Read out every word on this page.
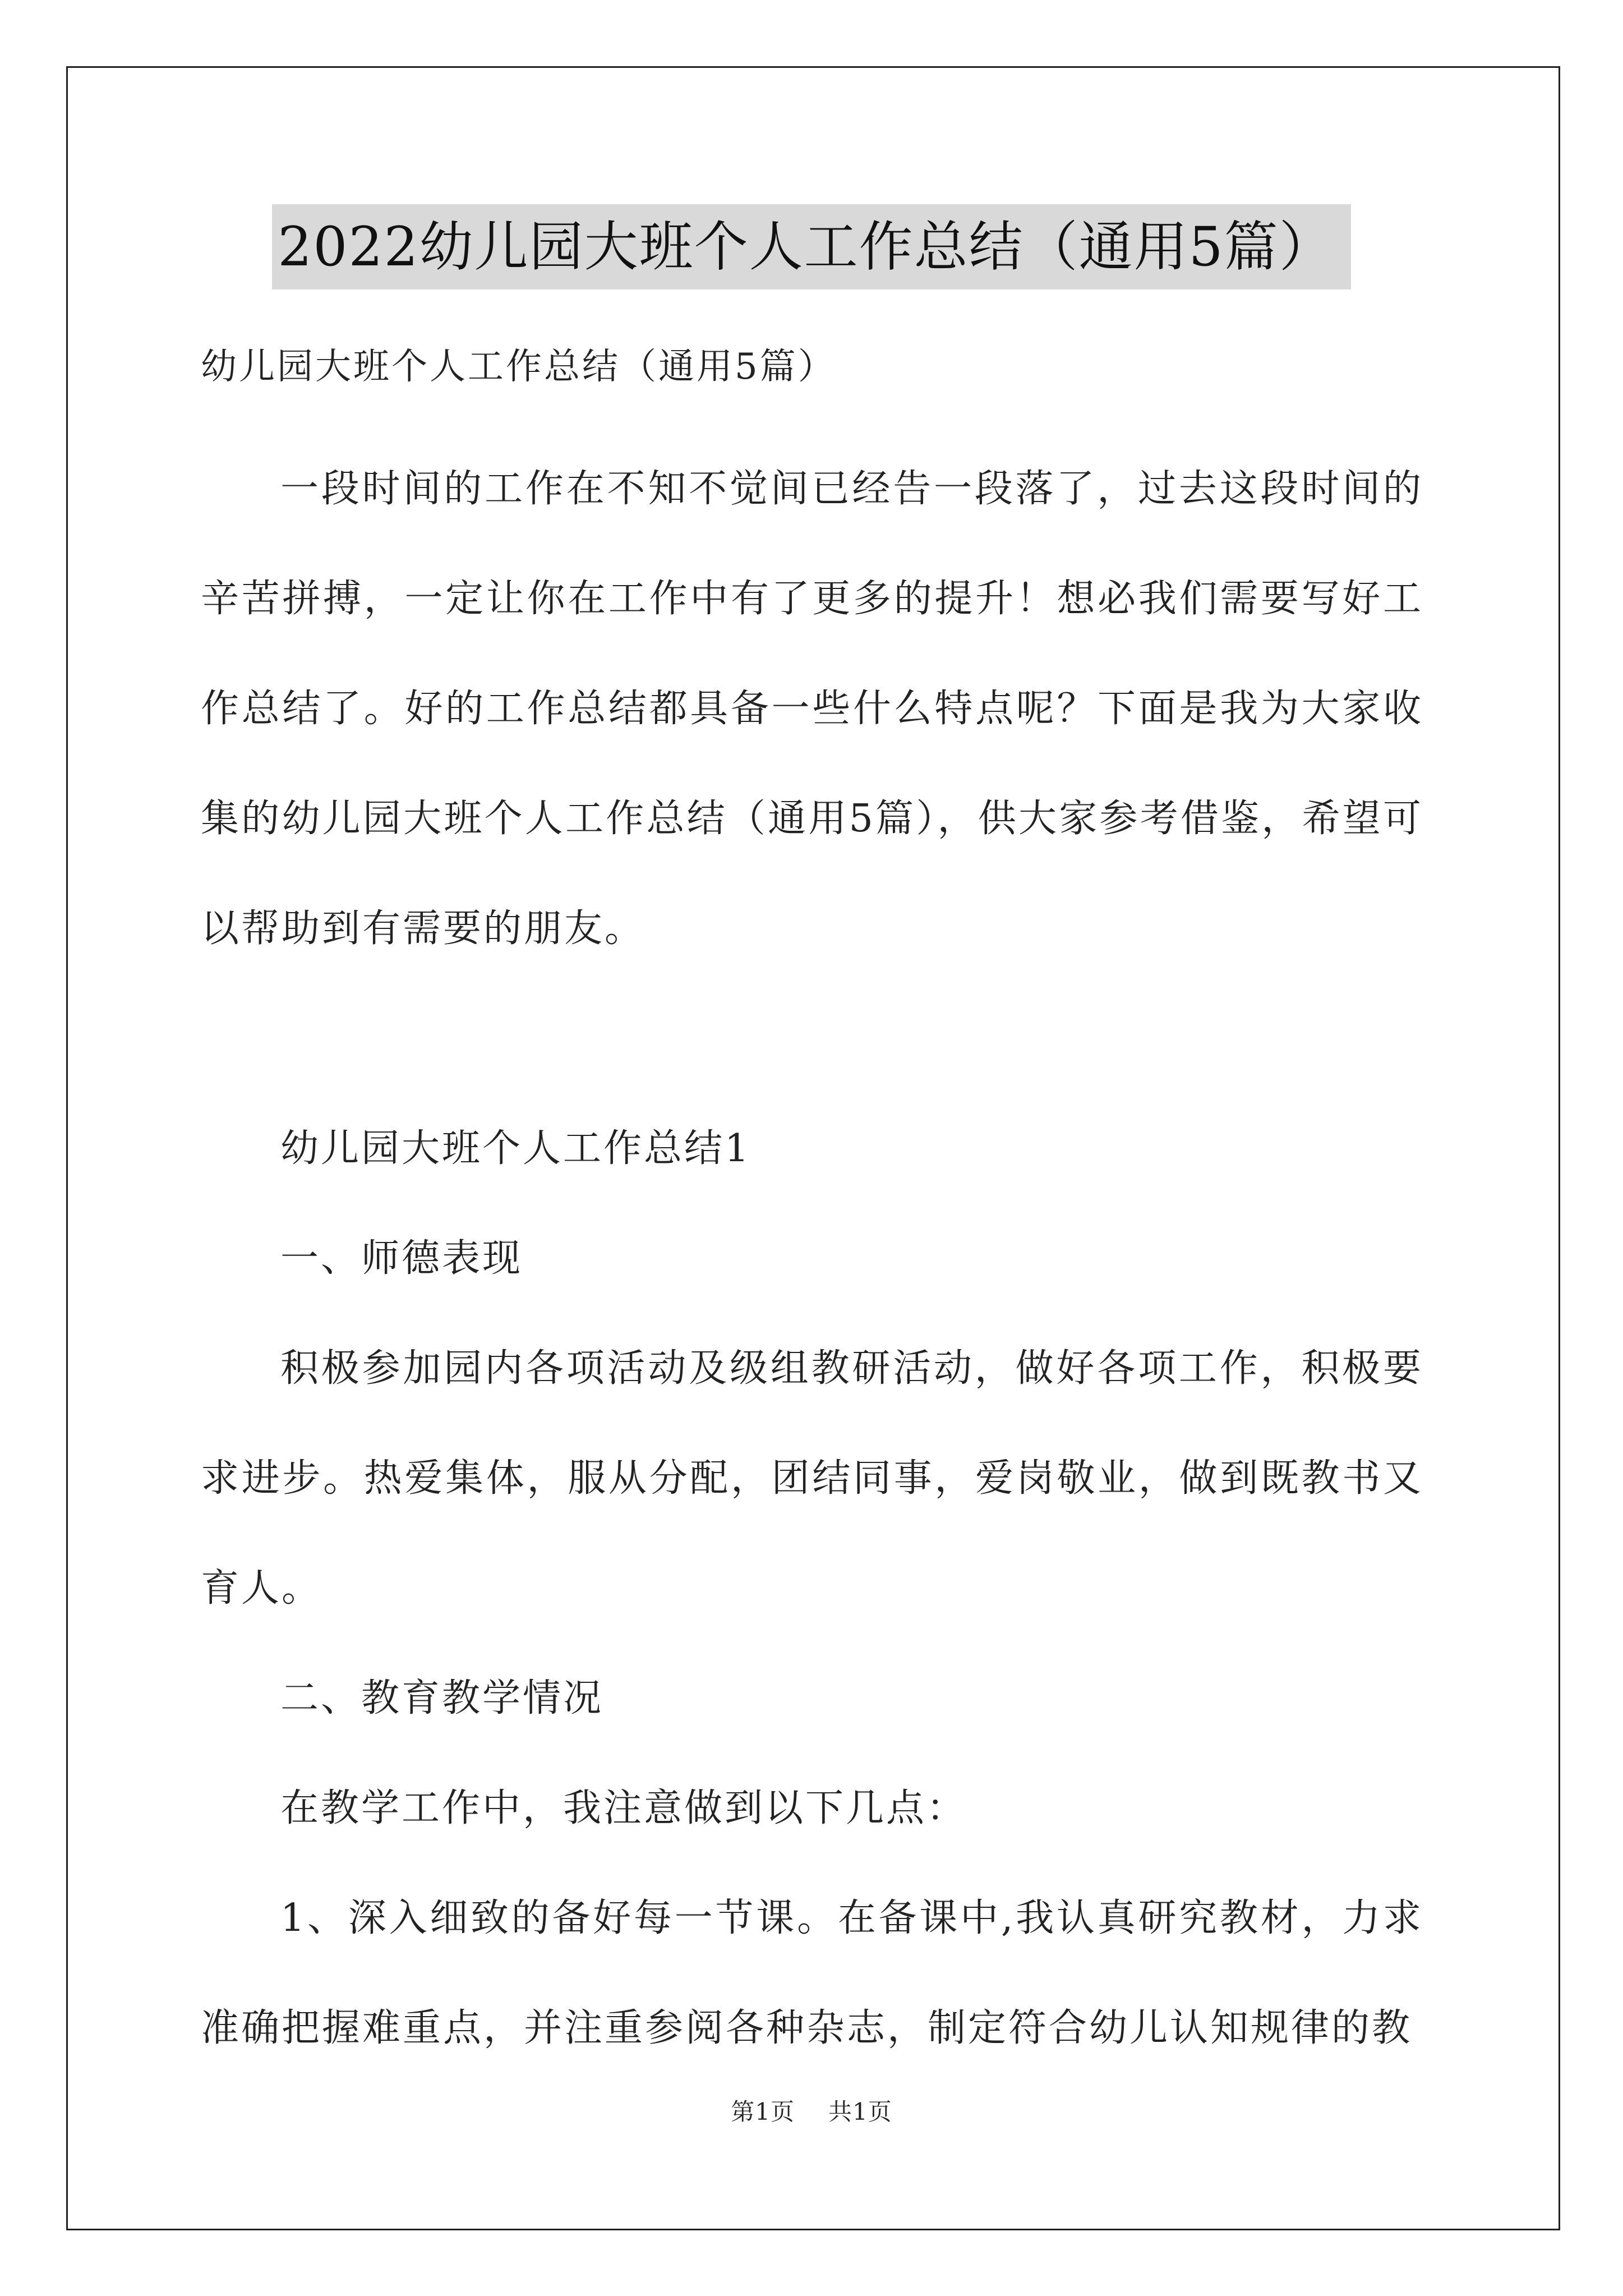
2022幼儿园大班个人工作总结（通用5篇）

幼儿园大班个人工作总结（通用5篇）

一段时间的工作在不知不觉间已经告一段落了，过去这段时间的辛苦拼搏，一定让你在工作中有了更多的提升！想必我们需要写好工作总结了。好的工作总结都具备一些什么特点呢？下面是我为大家收集的幼儿园大班个人工作总结（通用5篇），供大家参考借鉴，希望可以帮助到有需要的朋友。

幼儿园大班个人工作总结1

一、师德表现

积极参加园内各项活动及级组教研活动，做好各项工作，积极要求进步。热爱集体，服从分配，团结同事，爱岗敬业，做到既教书又育人。

二、教育教学情况

在教学工作中，我注意做到以下几点：

1、深入细致的备好每一节课。在备课中,我认真研究教材，力求准确把握难重点，并注重参阅各种杂志，制定符合幼儿认知规律的教

第1页 共1页
